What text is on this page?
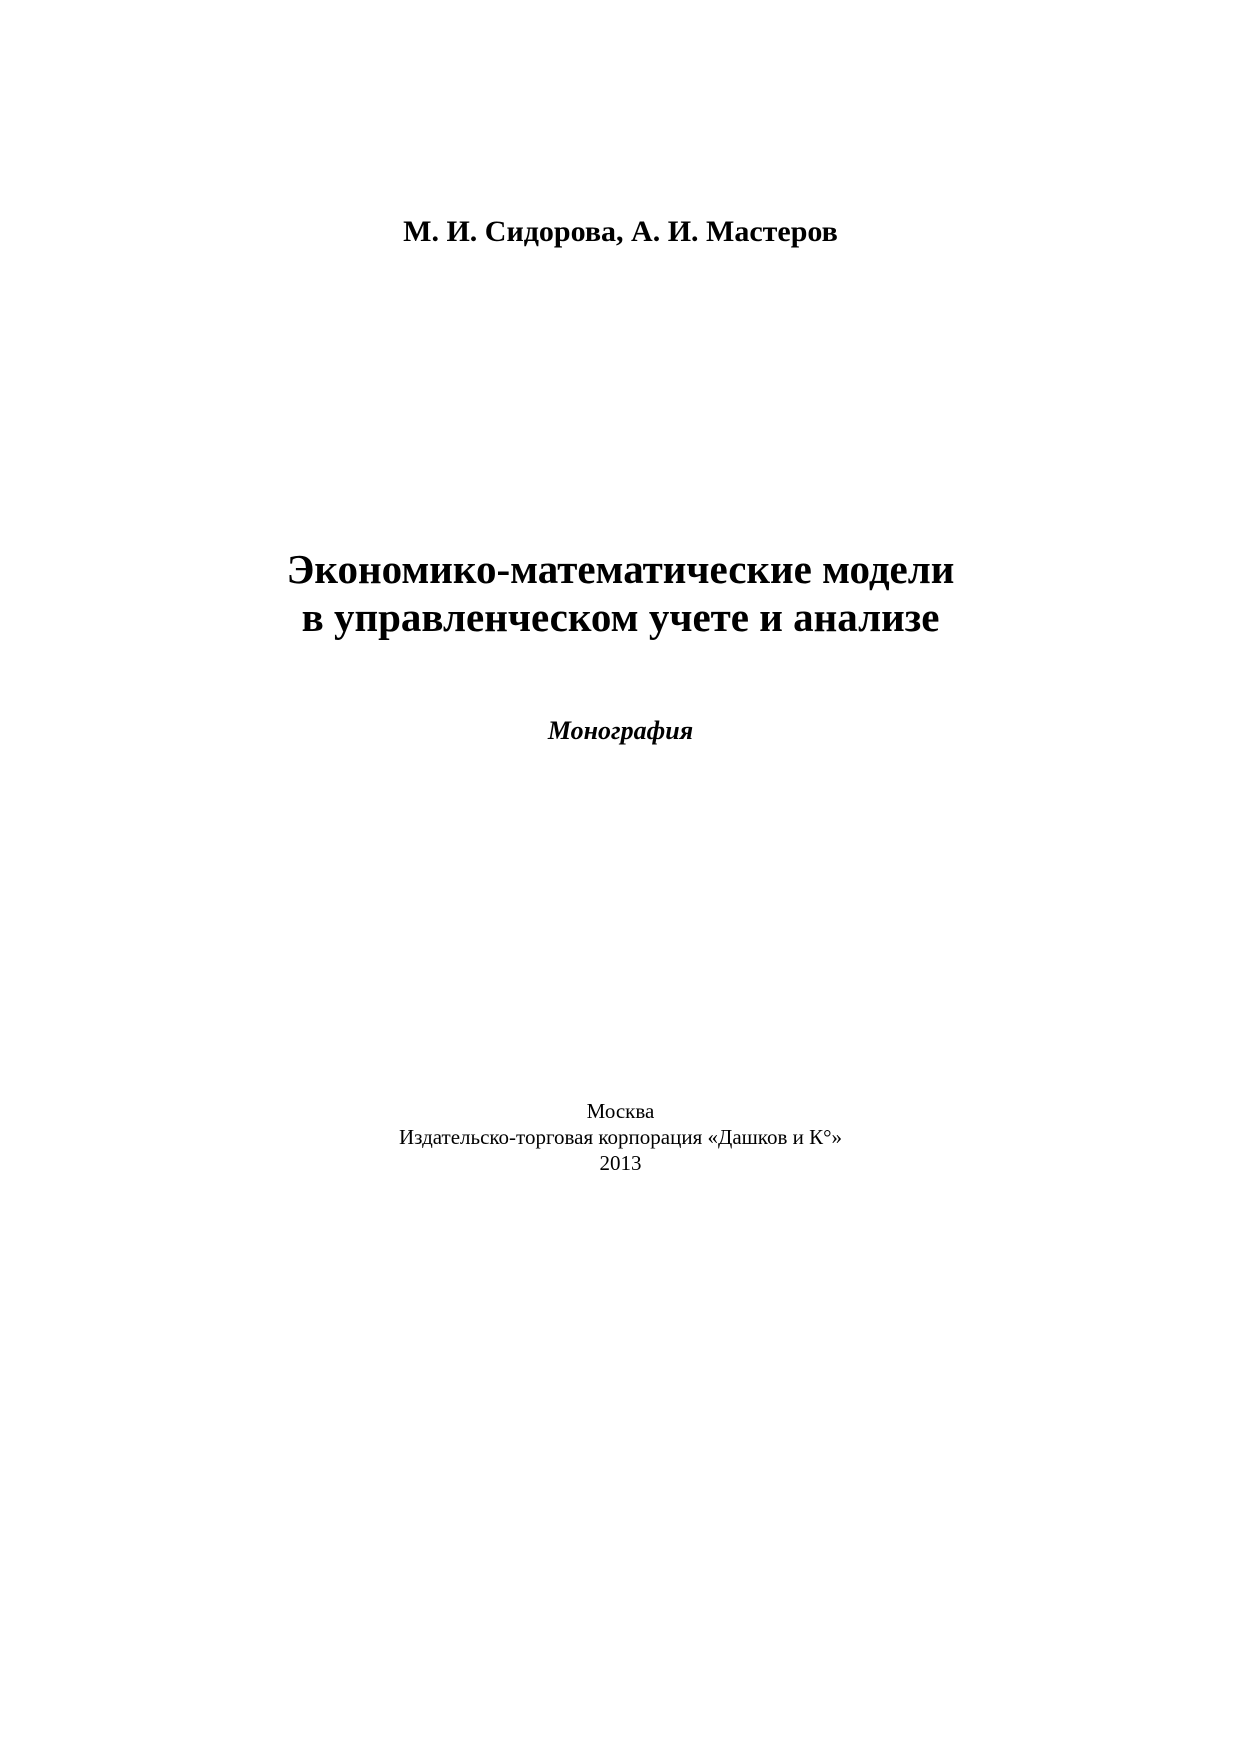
М. И. Сидорова, А. И. Мастеров
Экономико-математические модели
в управленческом учете и анализе
Монография
Москва
Издательско-торговая корпорация «Дашков и К°»
2013
